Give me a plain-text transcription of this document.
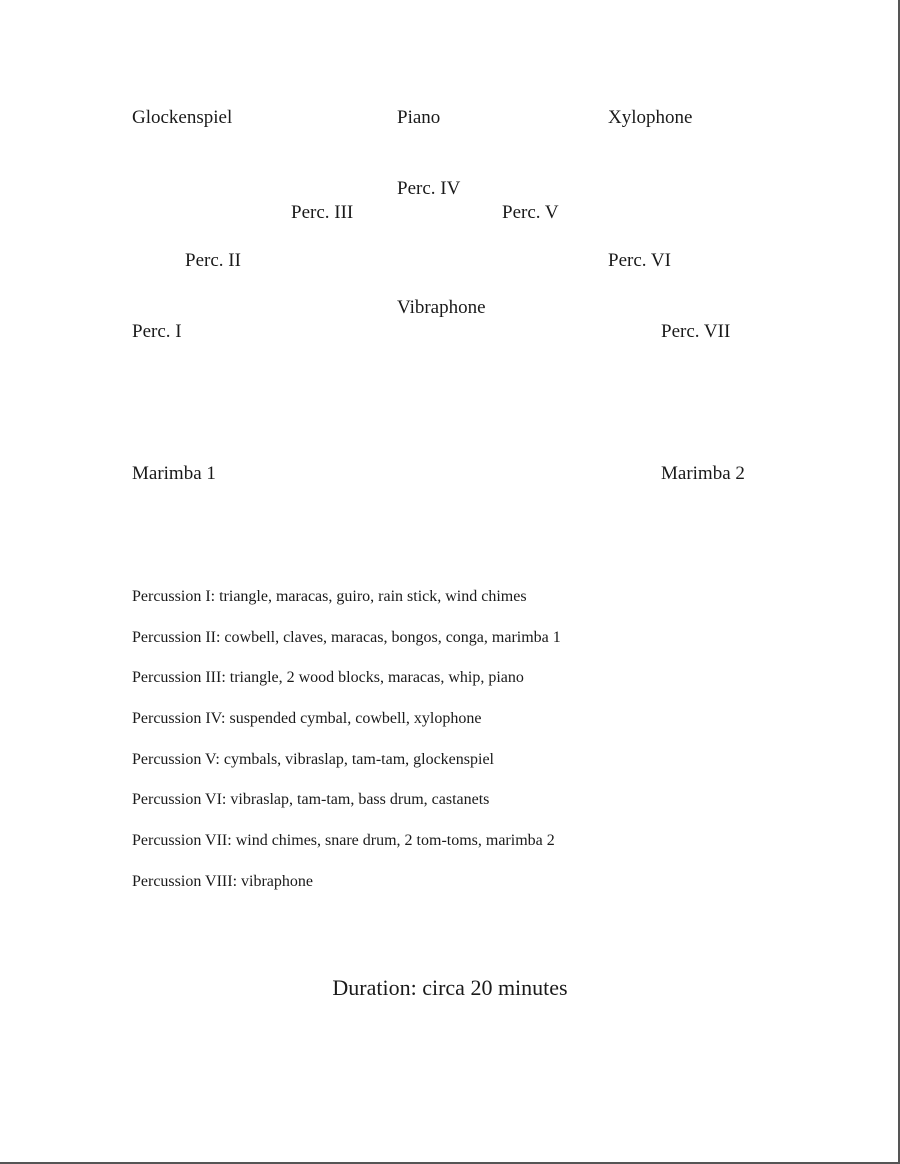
Glockenspiel	Piano	Xylophone
Perc. IV
Perc. III	Perc. V
Perc. II	Perc. VI
Vibraphone
Perc. I	Perc. VII
Marimba 1	Marimba 2
Percussion I: triangle, maracas, guiro, rain stick, wind chimes
Percussion II: cowbell, claves, maracas, bongos, conga, marimba 1
Percussion III: triangle, 2 wood blocks, maracas, whip, piano
Percussion IV: suspended cymbal, cowbell, xylophone
Percussion V: cymbals, vibraslap, tam-tam, glockenspiel
Percussion VI: vibraslap, tam-tam, bass drum, castanets
Percussion VII: wind chimes, snare drum, 2 tom-toms, marimba 2
Percussion VIII: vibraphone
Duration: circa 20 minutes
